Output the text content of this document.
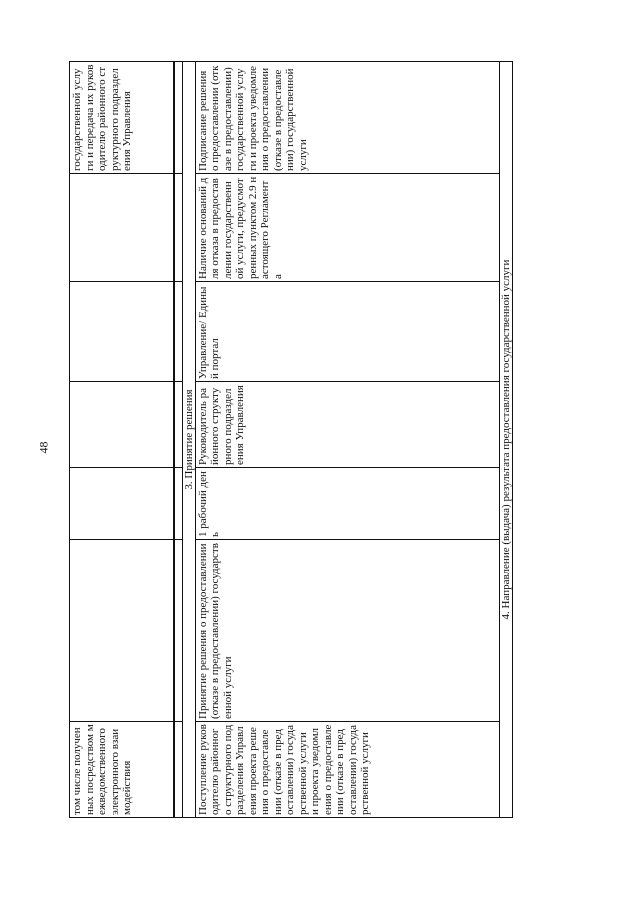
48
том числе полученных посредством межведомственного электронного взаимодействия						государственной услуги и передача их руководителю районного структурного подразделения Управления

3. Принятие решения						
Поступление руководителю районного структурного подразделения Управления проекта решения о предоставлении (отказе в предоставлении) государственной услуги и проекта уведомления о предоставлении (отказе в предоставлении) государственной услуги	Принятие решения о предоставлении (отказе в предоставлении) государственной услуги	1 рабочий день	Руководитель районного структурного подразделения Управления	Управление/ Единый портал	Наличие оснований для отказа в предоставлении государственной услуги, предусмотренных пунктом 2.9 настоящего Регламента	Подписание решения о предоставлении (отказе в предоставлении) государственной услуги и проекта уведомления о предоставлении (отказе в предоставлении) государственной услуги
4. Направление (выдача) результата предоставления государственной услуги						
